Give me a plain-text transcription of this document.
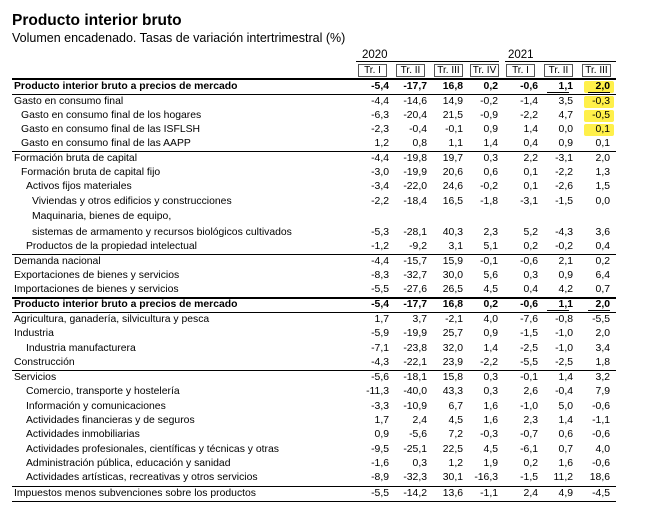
Producto interior bruto
Volumen encadenado. Tasas de variación intertrimestral (%)
2020	2021
Tr. I	Tr. II	Tr. III	Tr. IV	Tr. I	Tr. II	Tr. III
Producto interior bruto a precios de mercado	-5,4	-17,7	16,8	0,2	-0,6	1,1	2,0
Gasto en consumo final	-4,4	-14,6	14,9	-0,2	-1,4	3,5	-0,3
Gasto en consumo final de los hogares	-6,3	-20,4	21,5	-0,9	-2,2	4,7	-0,5
Gasto en consumo final de las ISFLSH	-2,3	-0,4	-0,1	0,9	1,4	0,0	0,1
Gasto en consumo final de las AAPP	1,2	0,8	1,1	1,4	0,4	0,9	0,1
Formación bruta de capital	-4,4	-19,8	19,7	0,3	2,2	-3,1	2,0
Formación bruta de capital fijo	-3,0	-19,9	20,6	0,6	0,1	-2,2	1,3
Activos fijos materiales	-3,4	-22,0	24,6	-0,2	0,1	-2,6	1,5
Viviendas y otros edificios y construcciones	-2,2	-18,4	16,5	-1,8	-3,1	-1,5	0,0
Maquinaria, bienes de equipo,
sistemas de armamento y recursos biológicos cultivados	-5,3	-28,1	40,3	2,3	5,2	-4,3	3,6
Productos de la propiedad intelectual	-1,2	-9,2	3,1	5,1	0,2	-0,2	0,4
Demanda nacional	-4,4	-15,7	15,9	-0,1	-0,6	2,1	0,2
Exportaciones de bienes y servicios	-8,3	-32,7	30,0	5,6	0,3	0,9	6,4
Importaciones de bienes y servicios	-5,5	-27,6	26,5	4,5	0,4	4,2	0,7
Producto interior bruto a precios de mercado	-5,4	-17,7	16,8	0,2	-0,6	1,1	2,0
Agricultura, ganadería, silvicultura y pesca	1,7	3,7	-2,1	4,0	-7,6	-0,8	-5,5
Industria	-5,9	-19,9	25,7	0,9	-1,5	-1,0	2,0
Industria manufacturera	-7,1	-23,8	32,0	1,4	-2,5	-1,0	3,4
Construcción	-4,3	-22,1	23,9	-2,2	-5,5	-2,5	1,8
Servicios	-5,6	-18,1	15,8	0,3	-0,1	1,4	3,2
Comercio, transporte y hostelería	-11,3	-40,0	43,3	0,3	2,6	-0,4	7,9
Información y comunicaciones	-3,3	-10,9	6,7	1,6	-1,0	5,0	-0,6
Actividades financieras y de seguros	1,7	2,4	4,5	1,6	2,3	1,4	-1,1
Actividades inmobiliarias	0,9	-5,6	7,2	-0,3	-0,7	0,6	-0,6
Actividades profesionales, científicas y técnicas y otras	-9,5	-25,1	22,5	4,5	-6,1	0,7	4,0
Administración pública, educación y sanidad	-1,6	0,3	1,2	1,9	0,2	1,6	-0,6
Actividades artísticas, recreativas y otros servicios	-8,9	-32,3	30,1	-16,3	-1,5	11,2	18,6
Impuestos menos subvenciones sobre los productos	-5,5	-14,2	13,6	-1,1	2,4	4,9	-4,5
